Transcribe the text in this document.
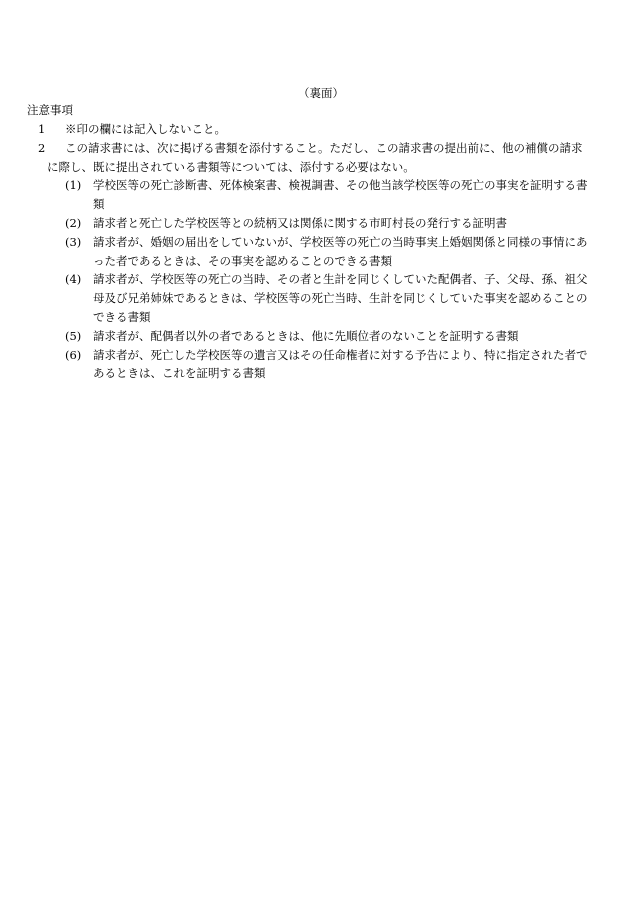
（裏面）
注意事項
1	※印の欄には記入しないこと。
2	この請求書には、次に掲げる書類を添付すること。ただし、この請求書の提出前に、他の補償の請求
に際し、既に提出されている書類等については、添付する必要はない。
(1)	学校医等の死亡診断書、死体検案書、検視調書、その他当該学校医等の死亡の事実を証明する書
類
(2)	請求者と死亡した学校医等との続柄又は関係に関する市町村長の発行する証明書
(3)	請求者が、婚姻の届出をしていないが、学校医等の死亡の当時事実上婚姻関係と同様の事情にあ
った者であるときは、その事実を認めることのできる書類
(4)	請求者が、学校医等の死亡の当時、その者と生計を同じくしていた配偶者、子、父母、孫、祖父
母及び兄弟姉妹であるときは、学校医等の死亡当時、生計を同じくしていた事実を認めることの
できる書類
(5)	請求者が、配偶者以外の者であるときは、他に先順位者のないことを証明する書類
(6)	請求者が、死亡した学校医等の遺言又はその任命権者に対する予告により、特に指定された者で
あるときは、これを証明する書類
